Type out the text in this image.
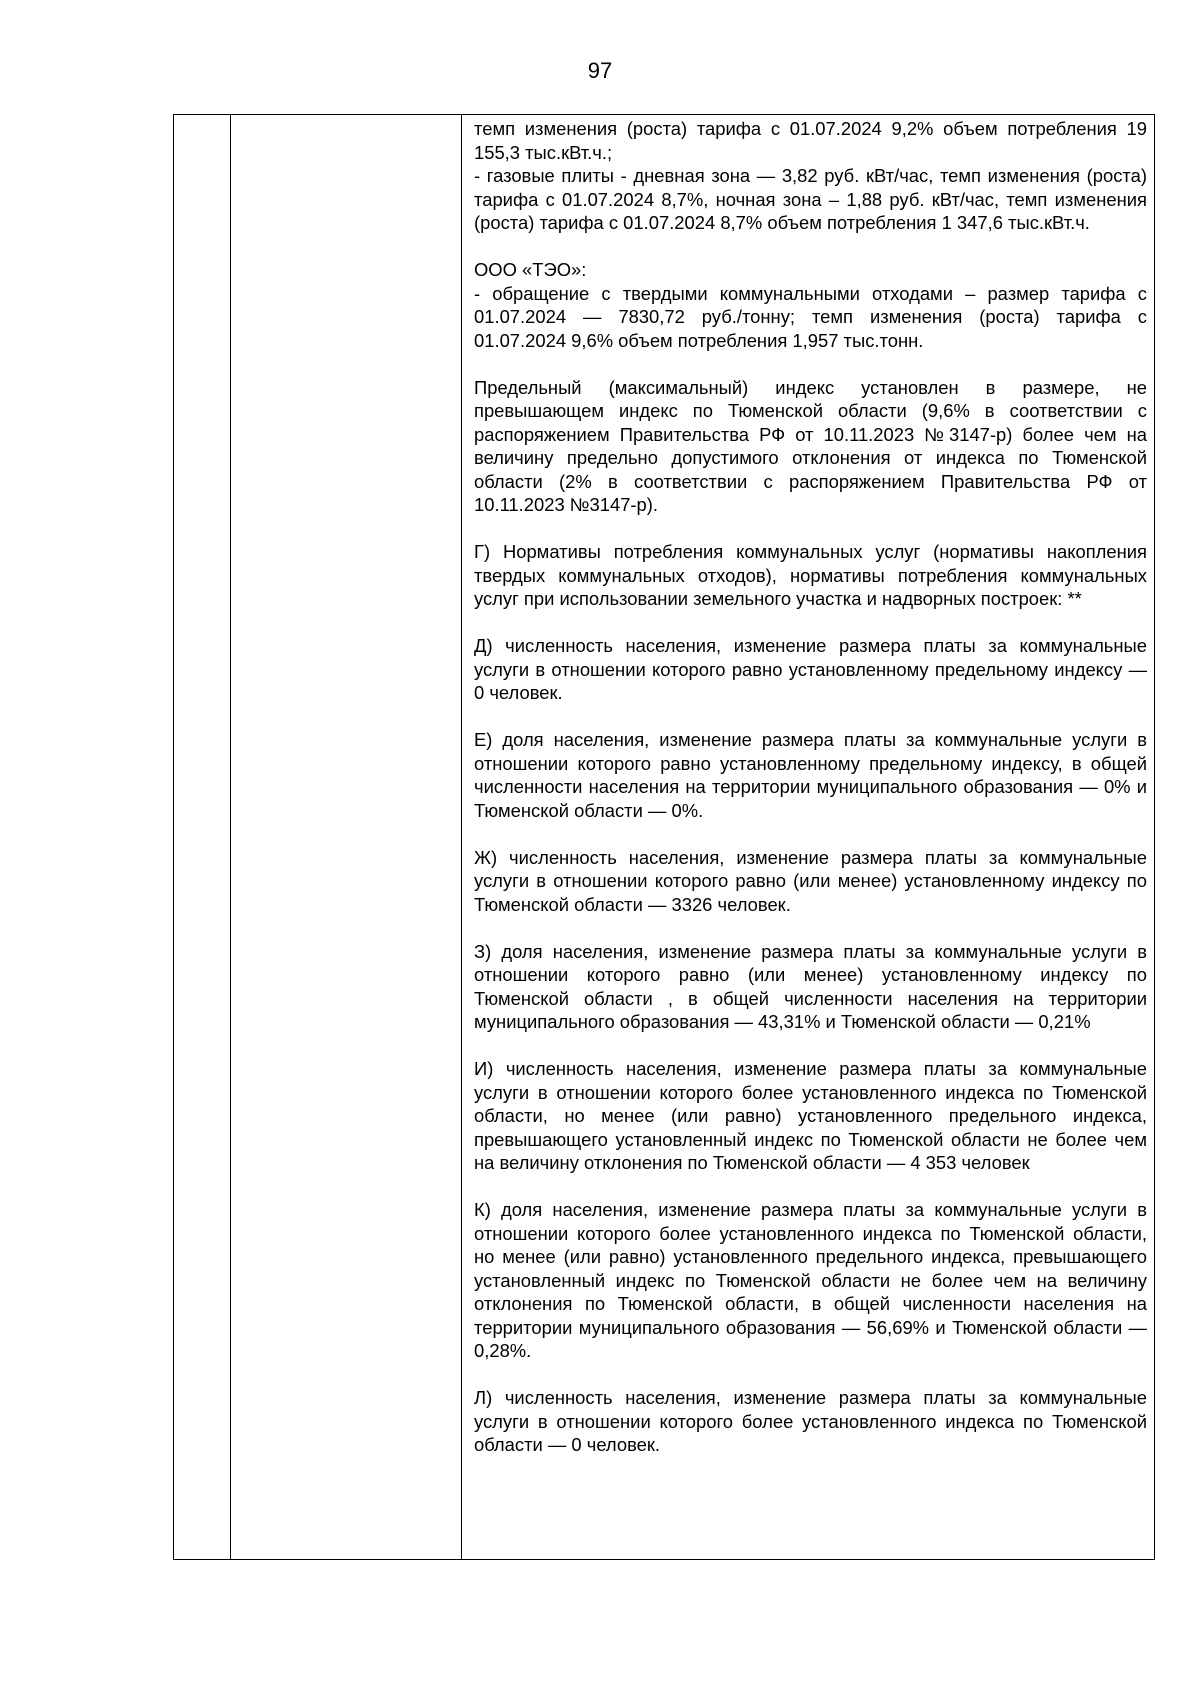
97
темп изменения (роста) тарифа с 01.07.2024 9,2% объем потребления 19 155,3 тыс.кВт.ч.;
- газовые плиты - дневная зона — 3,82 руб. кВт/час, темп изменения (роста) тарифа с 01.07.2024 8,7%, ночная зона – 1,88 руб. кВт/час, темп изменения (роста) тарифа с 01.07.2024 8,7% объем потребления 1 347,6 тыс.кВт.ч.
ООО «ТЭО»:
- обращение с твердыми коммунальными отходами – размер тарифа с 01.07.2024 — 7830,72 руб./тонну; темп изменения (роста) тарифа с 01.07.2024 9,6% объем потребления 1,957 тыс.тонн.
Предельный (максимальный) индекс установлен в размере, не превышающем индекс по Тюменской области (9,6% в соответствии с распоряжением Правительства РФ от 10.11.2023 №3147-р) более чем на величину предельно допустимого отклонения от индекса по Тюменской области (2% в соответствии с распоряжением Правительства РФ от 10.11.2023 №3147-р).
Г) Нормативы потребления коммунальных услуг (нормативы накопления твердых коммунальных отходов), нормативы потребления коммунальных услуг при использовании земельного участка и надворных построек: **
Д) численность населения, изменение размера платы за коммунальные услуги в отношении которого равно установленному предельному индексу — 0 человек.
Е) доля населения, изменение размера платы за коммунальные услуги в отношении которого равно установленному предельному индексу, в общей численности населения на территории муниципального образования — 0% и Тюменской области — 0%.
Ж) численность населения, изменение размера платы за коммунальные услуги в отношении которого равно (или менее) установленному индексу по Тюменской области — 3326 человек.
З) доля населения, изменение размера платы за коммунальные услуги в отношении которого равно (или менее) установленному индексу по Тюменской области , в общей численности населения на территории муниципального образования — 43,31% и Тюменской области — 0,21%
И) численность населения, изменение размера платы за коммунальные услуги в отношении которого более установленного индекса по Тюменской области, но менее (или равно) установленного предельного индекса, превышающего установленный индекс по Тюменской области не более чем на величину отклонения по Тюменской области — 4 353 человек
К) доля населения, изменение размера платы за коммунальные услуги в отношении которого более установленного индекса по Тюменской области, но менее (или равно) установленного предельного индекса, превышающего установленный индекс по Тюменской области не более чем на величину отклонения по Тюменской области, в общей численности населения на территории муниципального образования — 56,69% и Тюменской области — 0,28%.
Л) численность населения, изменение размера платы за коммунальные услуги в отношении которого более установленного индекса по Тюменской области — 0 человек.
